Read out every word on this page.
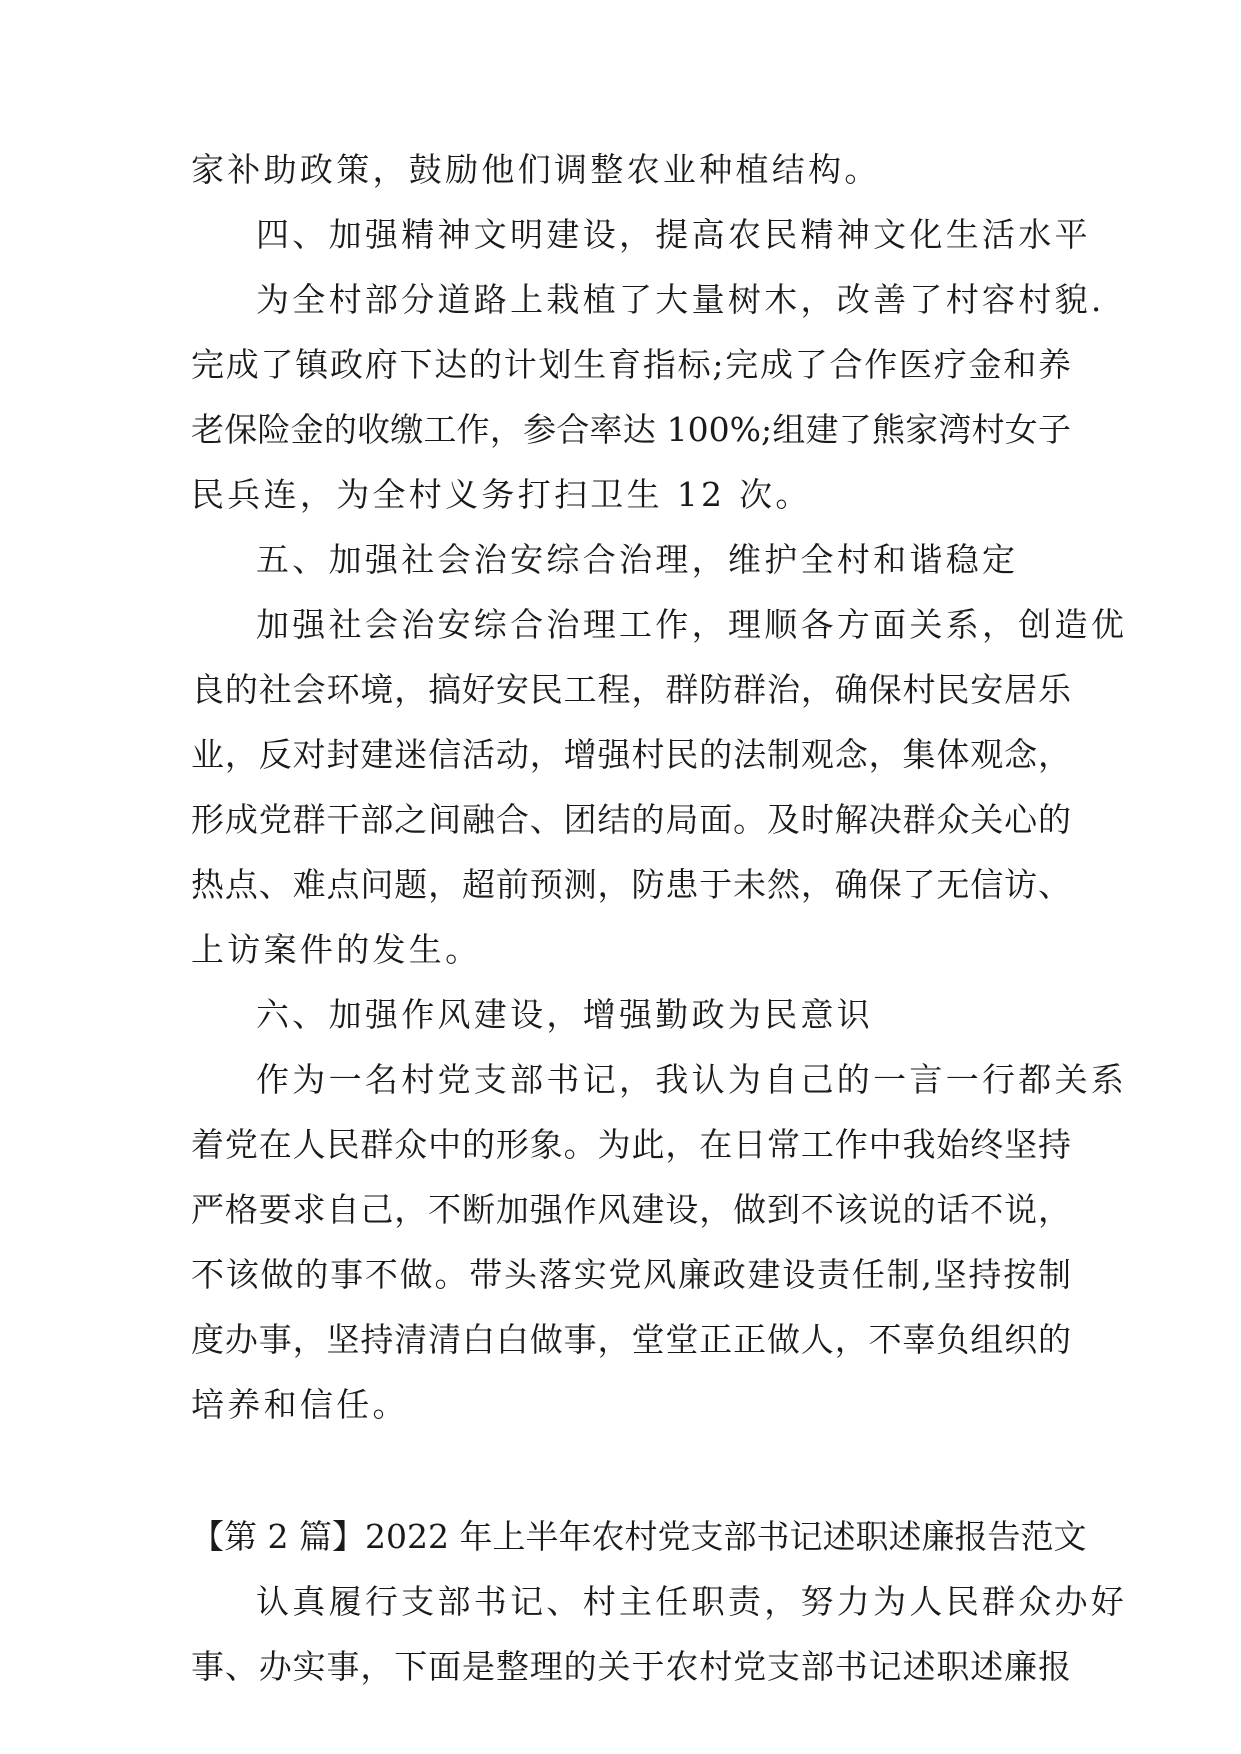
家补助政策，鼓励他们调整农业种植结构。
四、加强精神文明建设，提高农民精神文化生活水平
为全村部分道路上栽植了大量树木，改善了村容村貌.
完成了镇政府下达的计划生育指标;完成了合作医疗金和养
老保险金的收缴工作，参合率达 100%;组建了熊家湾村女子
民兵连，为全村义务打扫卫生 12 次。
五、加强社会治安综合治理，维护全村和谐稳定
加强社会治安综合治理工作，理顺各方面关系，创造优
良的社会环境，搞好安民工程，群防群治，确保村民安居乐
业，反对封建迷信活动，增强村民的法制观念，集体观念，
形成党群干部之间融合、团结的局面。及时解决群众关心的
热点、难点问题，超前预测，防患于未然，确保了无信访、
上访案件的发生。
六、加强作风建设，增强勤政为民意识
作为一名村党支部书记，我认为自己的一言一行都关系
着党在人民群众中的形象。为此，在日常工作中我始终坚持
严格要求自己，不断加强作风建设，做到不该说的话不说，
不该做的事不做。带头落实党风廉政建设责任制,坚持按制
度办事，坚持清清白白做事，堂堂正正做人，不辜负组织的
培养和信任。
【第 2 篇】2022 年上半年农村党支部书记述职述廉报告范文
认真履行支部书记、村主任职责，努力为人民群众办好
事、办实事，下面是整理的关于农村党支部书记述职述廉报
